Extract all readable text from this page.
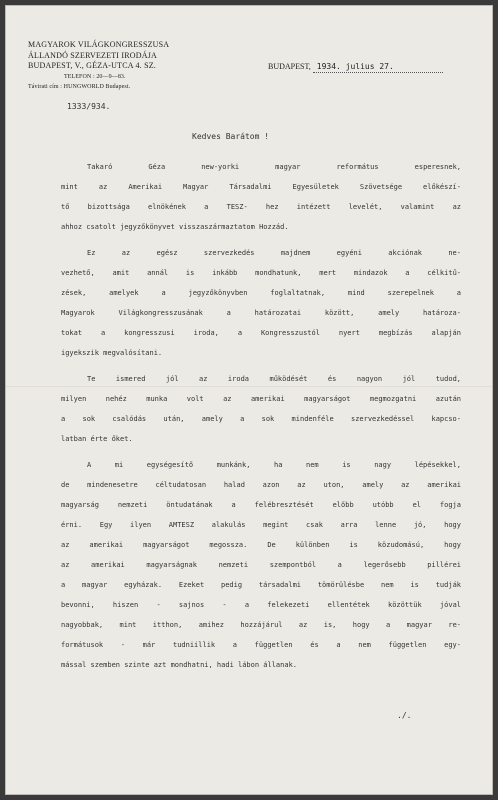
MAGYAROK VILÁGKONGRESSZUSA
ÁLLANDÓ SZERVEZETI IRODÁJA
BUDAPEST, V., GÉZA-UTCA 4. SZ.
TELEFON : 20—9—83.
Távirati cím : HUNGWORLD Budapest.
1333/934.
BUDAPEST, 1934. julius 27.
Kedves Barátom !
Takaró Géza new-yorki magyar református esperesnek,
mint az Amerikai Magyar Társadalmi Egyesületek Szövetsége előkészí-
tő bizottsága elnökének a TESZ- hez intézett levelét, valamint az
ahhoz csatolt jegyzőkönyvet visszaszármaztatom Hozzád.
Ez az egész szervezkedés majdnem egyéni akciónak ne-
vezhető, amit annál is inkább mondhatunk, mert mindazok a célkitű-
zések, amelyek a jegyzőkönyvben foglaltatnak, mind szerepelnek a
Magyarok Világkongresszusának a határozatai között, amely határoza-
tokat a kongresszusi iroda, a Kongresszustól nyert megbízás alapján
igyekszik megvalósítani.
Te ismered jól az iroda működését és nagyon jól tudod,
milyen nehéz munka volt az amerikai magyarságot megmozgatni azután
a sok csalódás után, amely a sok mindenféle szervezkedéssel kapcso-
latban érte őket.
A mi egységesítő munkánk, ha nem is nagy lépésekkel,
de mindenesetre céltudatosan halad azon az uton, amely az amerikai
magyarság nemzeti öntudatának a felébresztését előbb utóbb el fogja
érni. Egy ilyen AMTESZ alakulás megint csak arra lenne jó, hogy
az amerikai magyarságot megossza. De különben is közudomású, hogy
az amerikai magyarságnak nemzeti szempontból a legerősebb pillérei
a magyar egyházak. Ezeket pedig társadalmi tömörülésbe nem is tudják
bevonni, hiszen - sajnos - a felekezeti ellentétek közöttük jóval
nagyobbak, mint itthon, amihez hozzájárul az is, hogy a magyar re-
formátusok - már tudniillik a független és a nem független egy-
mással szemben szinte azt mondhatni, hadi lábon állanak.
./.
